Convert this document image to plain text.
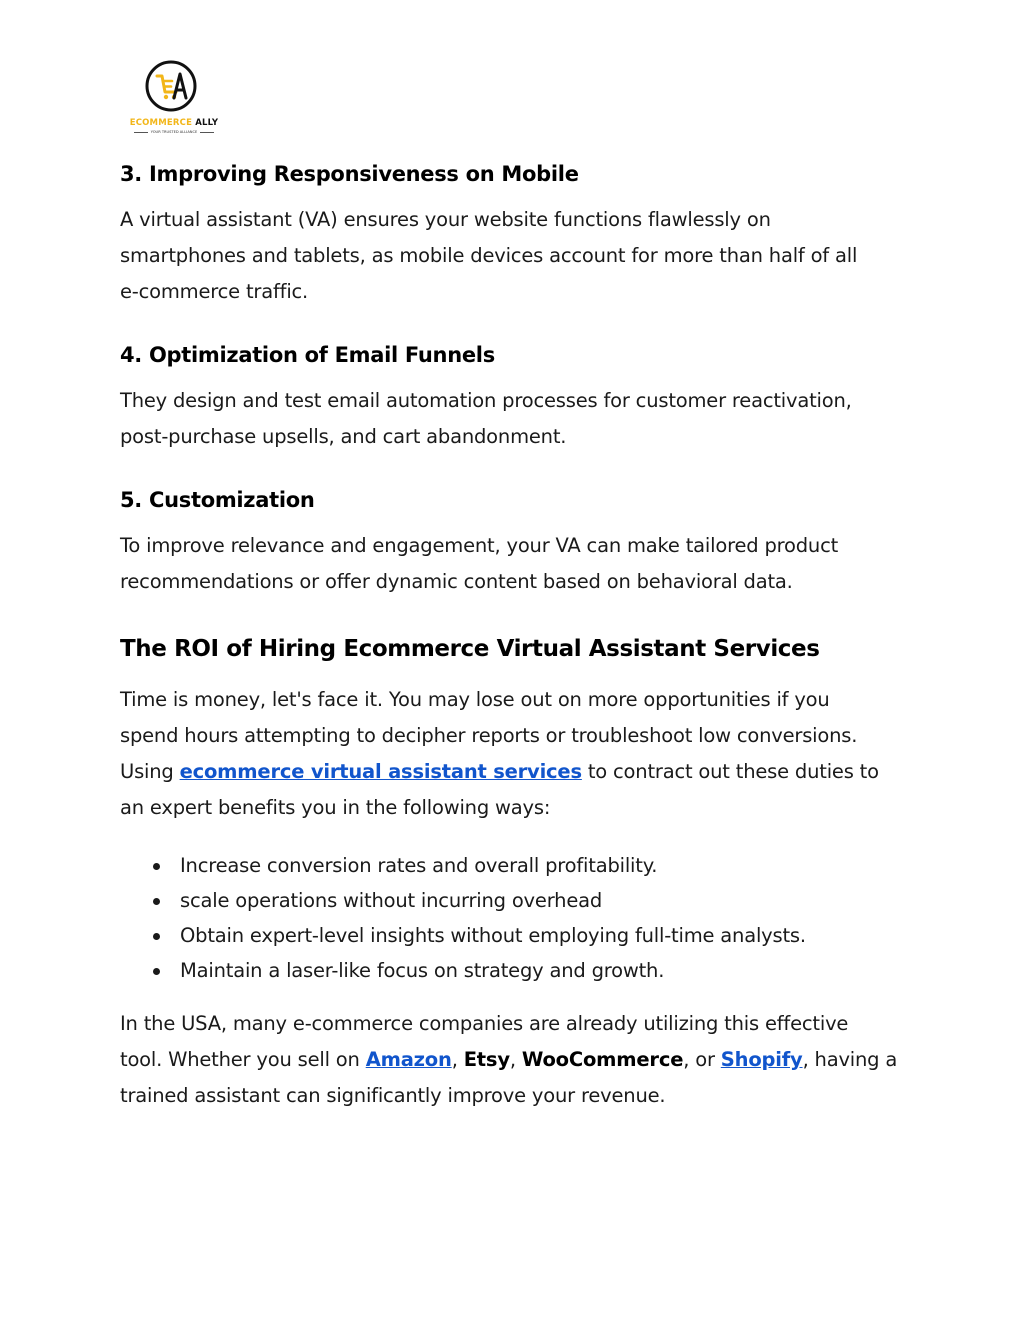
ECOMMERCE ALLY
YOUR TRUSTED ALLIANCE
3. Improving Responsiveness on Mobile

A virtual assistant (VA) ensures your website functions flawlessly on
smartphones and tablets, as mobile devices account for more than half of all
e-commerce traffic.

4. Optimization of Email Funnels

They design and test email automation processes for customer reactivation,
post-purchase upsells, and cart abandonment.

5. Customization

To improve relevance and engagement, your VA can make tailored product
recommendations or offer dynamic content based on behavioral data.

The ROI of Hiring Ecommerce Virtual Assistant Services

Time is money, let's face it. You may lose out on more opportunities if you
spend hours attempting to decipher reports or troubleshoot low conversions.
Using ecommerce virtual assistant services to contract out these duties to
an expert benefits you in the following ways:

Increase conversion rates and overall profitability.
scale operations without incurring overhead
Obtain expert-level insights without employing full-time analysts.
Maintain a laser-like focus on strategy and growth.

In the USA, many e-commerce companies are already utilizing this effective
tool. Whether you sell on Amazon, Etsy, WooCommerce, or Shopify, having a
trained assistant can significantly improve your revenue.
